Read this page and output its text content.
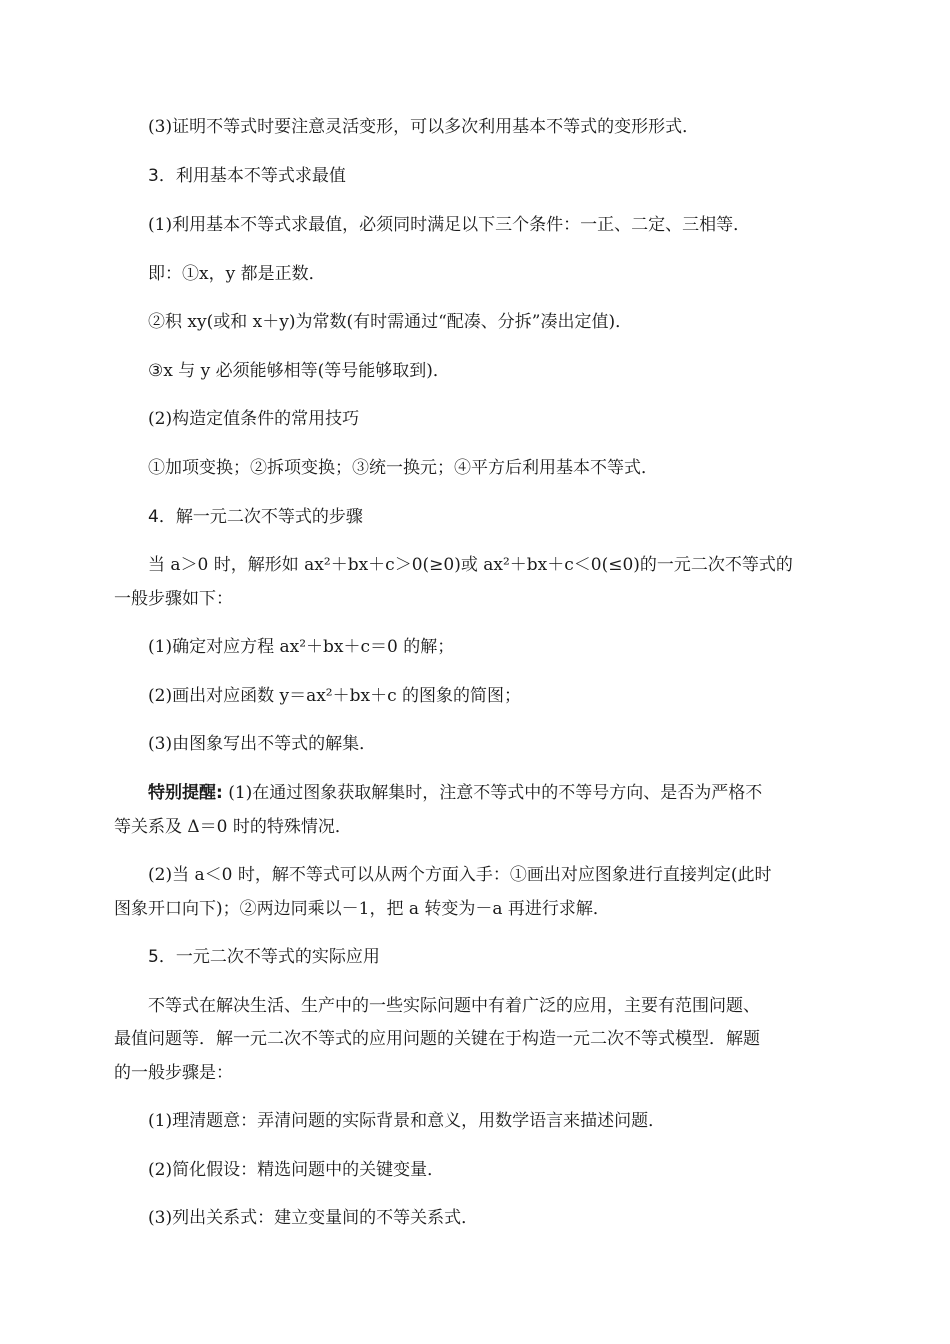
(3)证明不等式时要注意灵活变形，可以多次利用基本不等式的变形形式．
3．利用基本不等式求最值
(1)利用基本不等式求最值，必须同时满足以下三个条件：一正、二定、三相等．
即：①x，y 都是正数．
②积 xy(或和 x＋y)为常数(有时需通过“配凑、分拆”凑出定值)．
③x 与 y 必须能够相等(等号能够取到)．
(2)构造定值条件的常用技巧
①加项变换；②拆项变换；③统一换元；④平方后利用基本不等式．
4．解一元二次不等式的步骤
当 a＞0 时，解形如 ax²＋bx＋c＞0(≥0)或 ax²＋bx＋c＜0(≤0)的一元二次不等式的
一般步骤如下：
(1)确定对应方程 ax²＋bx＋c＝0 的解；
(2)画出对应函数 y＝ax²＋bx＋c 的图象的简图；
(3)由图象写出不等式的解集．
特别提醒: (1)在通过图象获取解集时，注意不等式中的不等号方向、是否为严格不
等关系及 Δ＝0 时的特殊情况．
(2)当 a＜0 时，解不等式可以从两个方面入手：①画出对应图象进行直接判定(此时
图象开口向下)；②两边同乘以－1，把 a 转变为－a 再进行求解．
5．一元二次不等式的实际应用
不等式在解决生活、生产中的一些实际问题中有着广泛的应用，主要有范围问题、
最值问题等．解一元二次不等式的应用问题的关键在于构造一元二次不等式模型．解题
的一般步骤是：
(1)理清题意：弄清问题的实际背景和意义，用数学语言来描述问题．
(2)简化假设：精选问题中的关键变量．
(3)列出关系式：建立变量间的不等关系式．
